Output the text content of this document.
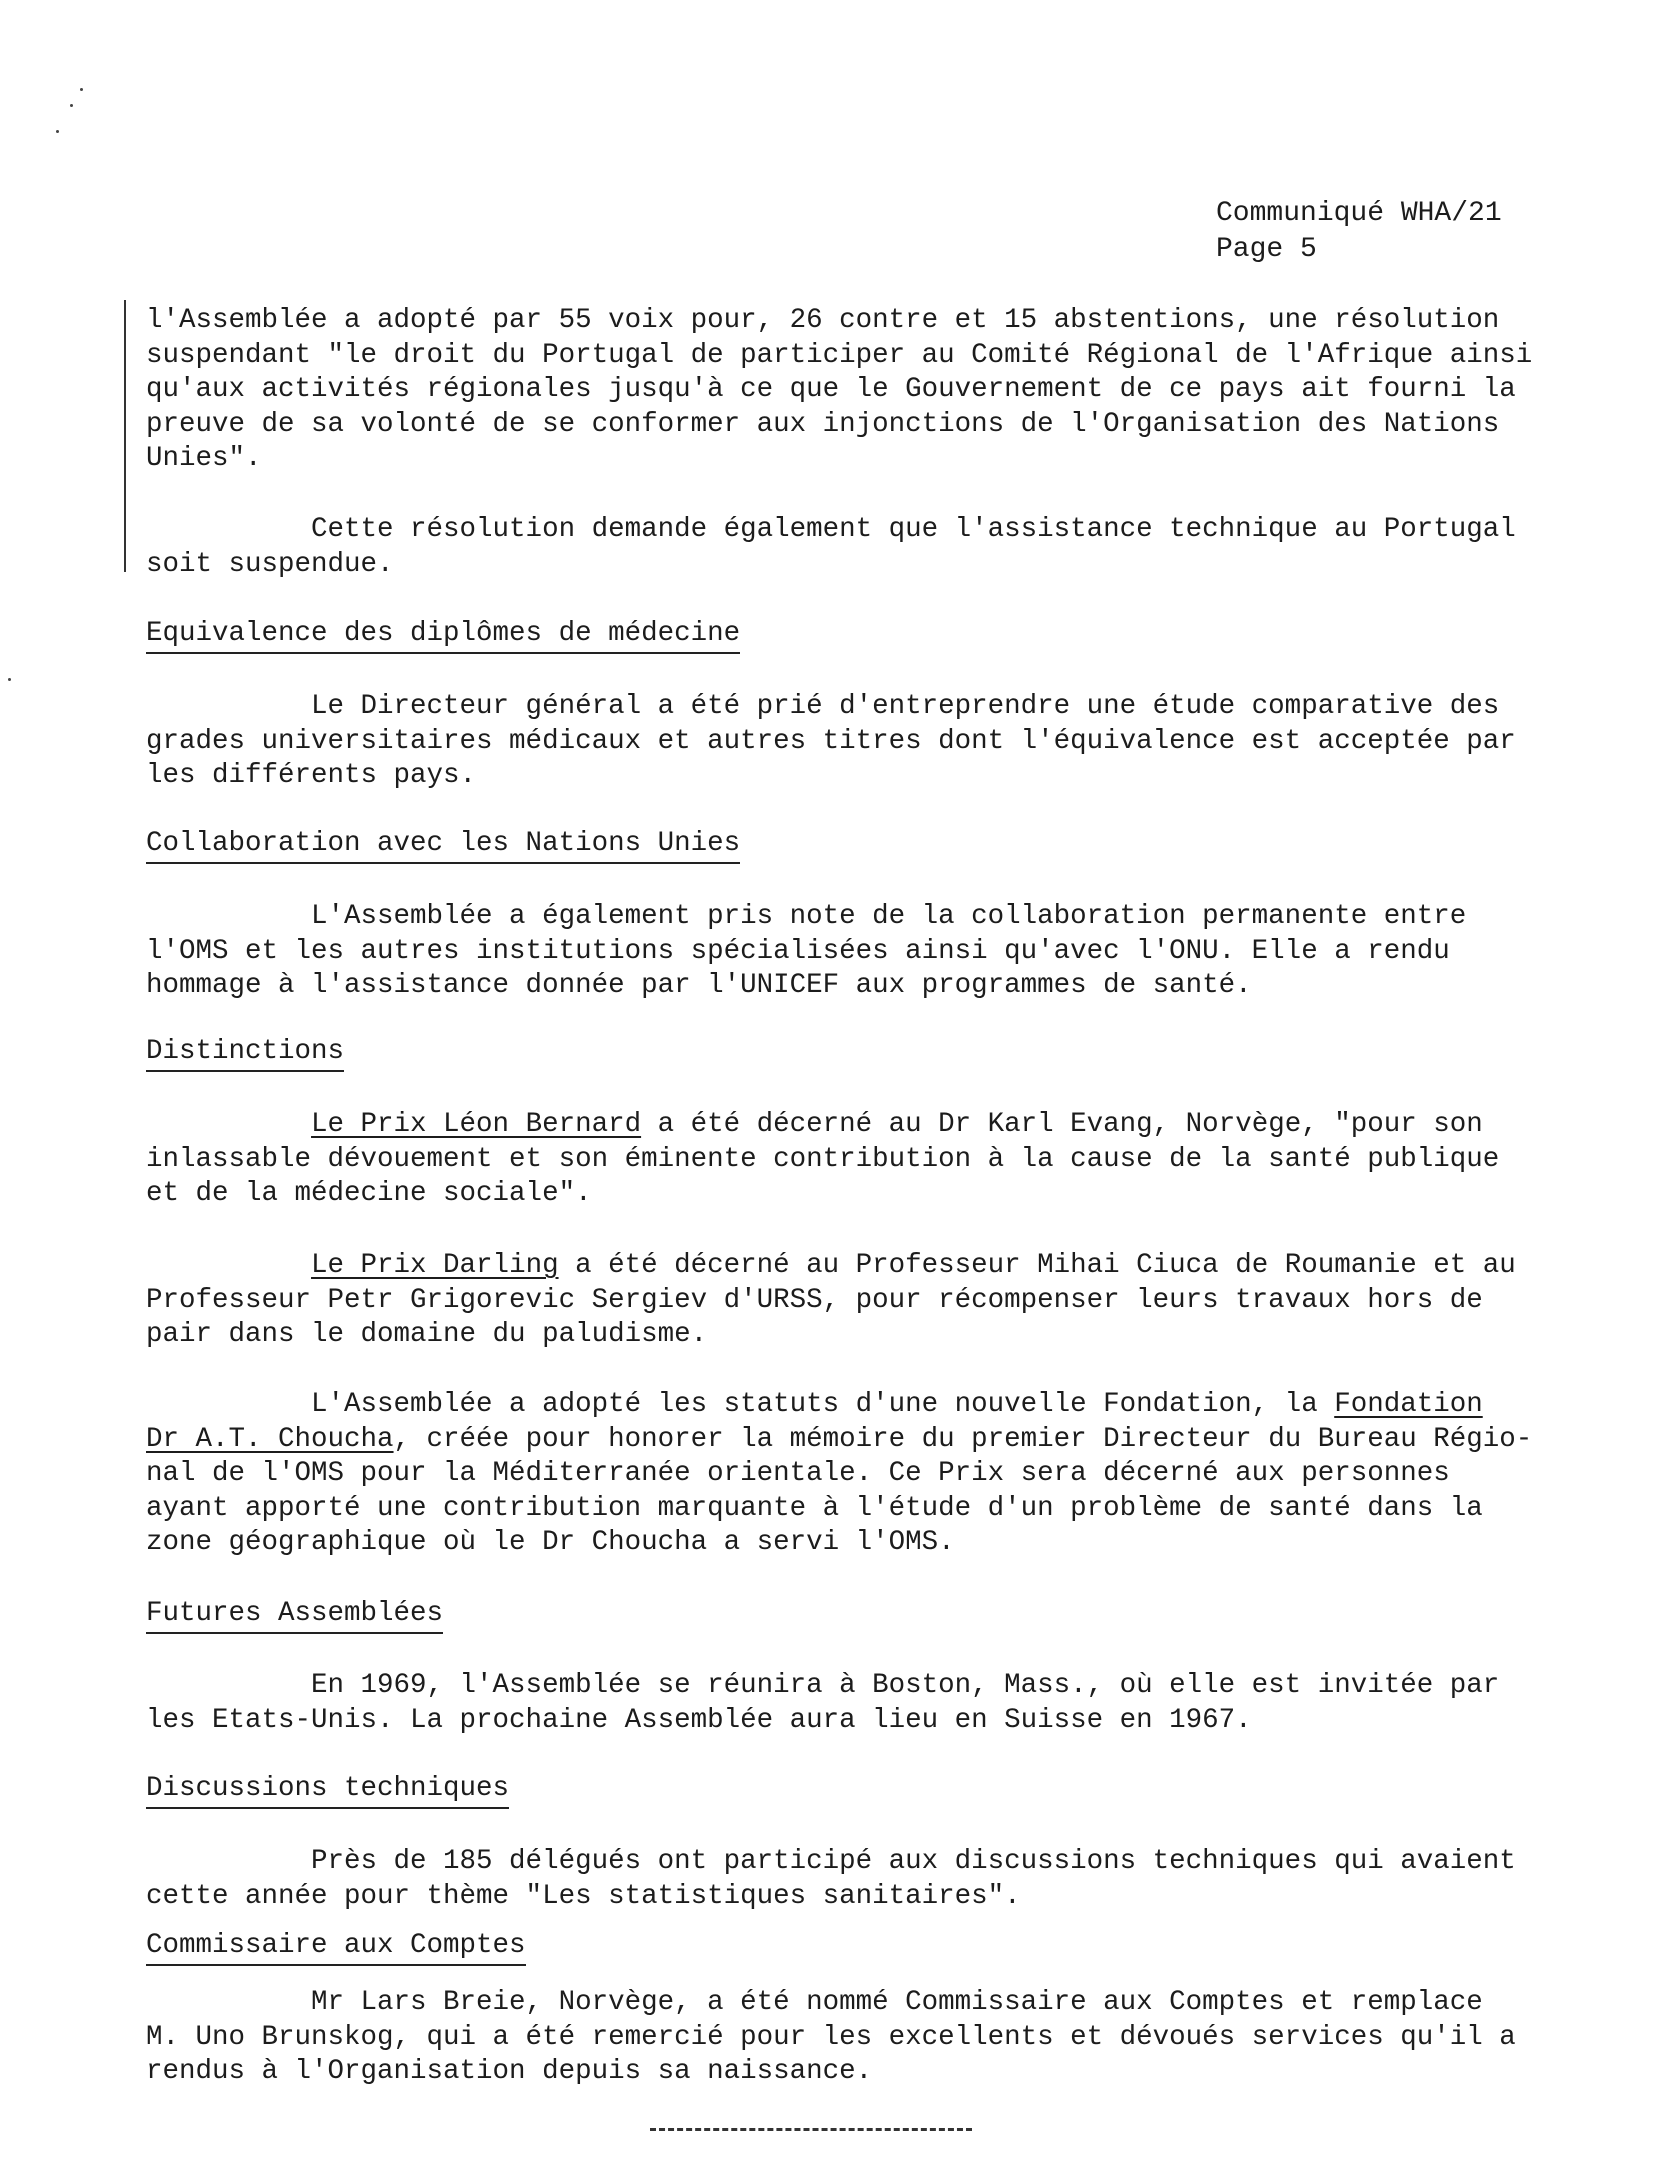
Communiqué WHA/21
Page 5

l'Assemblée a adopté par 55 voix pour, 26 contre et 15 abstentions, une résolution

suspendant "le droit du Portugal de participer au Comité Régional de l'Afrique ainsi

qu'aux activités régionales jusqu'à ce que le Gouvernement de ce pays ait fourni la

preuve de sa volonté de se conformer aux injonctions de l'Organisation des Nations

Unies".

Cette résolution demande également que l'assistance technique au Portugal

soit suspendue.

Equivalence des diplômes de médecine

Le Directeur général a été prié d'entreprendre une étude comparative des

grades universitaires médicaux et autres titres dont l'équivalence est acceptée par

les différents pays.

Collaboration avec les Nations Unies

L'Assemblée a également pris note de la collaboration permanente entre

l'OMS et les autres institutions spécialisées ainsi qu'avec l'ONU. Elle a rendu

hommage à l'assistance donnée par l'UNICEF aux programmes de santé.

Distinctions

Le Prix Léon Bernard a été décerné au Dr Karl Evang, Norvège, "pour son

inlassable dévouement et son éminente contribution à la cause de la santé publique

et de la médecine sociale".

Le Prix Darling a été décerné au Professeur Mihai Ciuca de Roumanie et au

Professeur Petr Grigorevic Sergiev d'URSS, pour récompenser leurs travaux hors de

pair dans le domaine du paludisme.

L'Assemblée a adopté les statuts d'une nouvelle Fondation, la Fondation

Dr A.T. Choucha, créée pour honorer la mémoire du premier Directeur du Bureau Régio-

nal de l'OMS pour la Méditerranée orientale. Ce Prix sera décerné aux personnes

ayant apporté une contribution marquante à l'étude d'un problème de santé dans la

zone géographique où le Dr Choucha a servi l'OMS.

Futures Assemblées

En 1969, l'Assemblée se réunira à Boston, Mass., où elle est invitée par

les Etats-Unis. La prochaine Assemblée aura lieu en Suisse en 1967.

Discussions techniques

Près de 185 délégués ont participé aux discussions techniques qui avaient

cette année pour thème "Les statistiques sanitaires".

Commissaire aux Comptes

Mr Lars Breie, Norvège, a été nommé Commissaire aux Comptes et remplace

M. Uno Brunskog, qui a été remercié pour les excellents et dévoués services qu'il a

rendus à l'Organisation depuis sa naissance.
